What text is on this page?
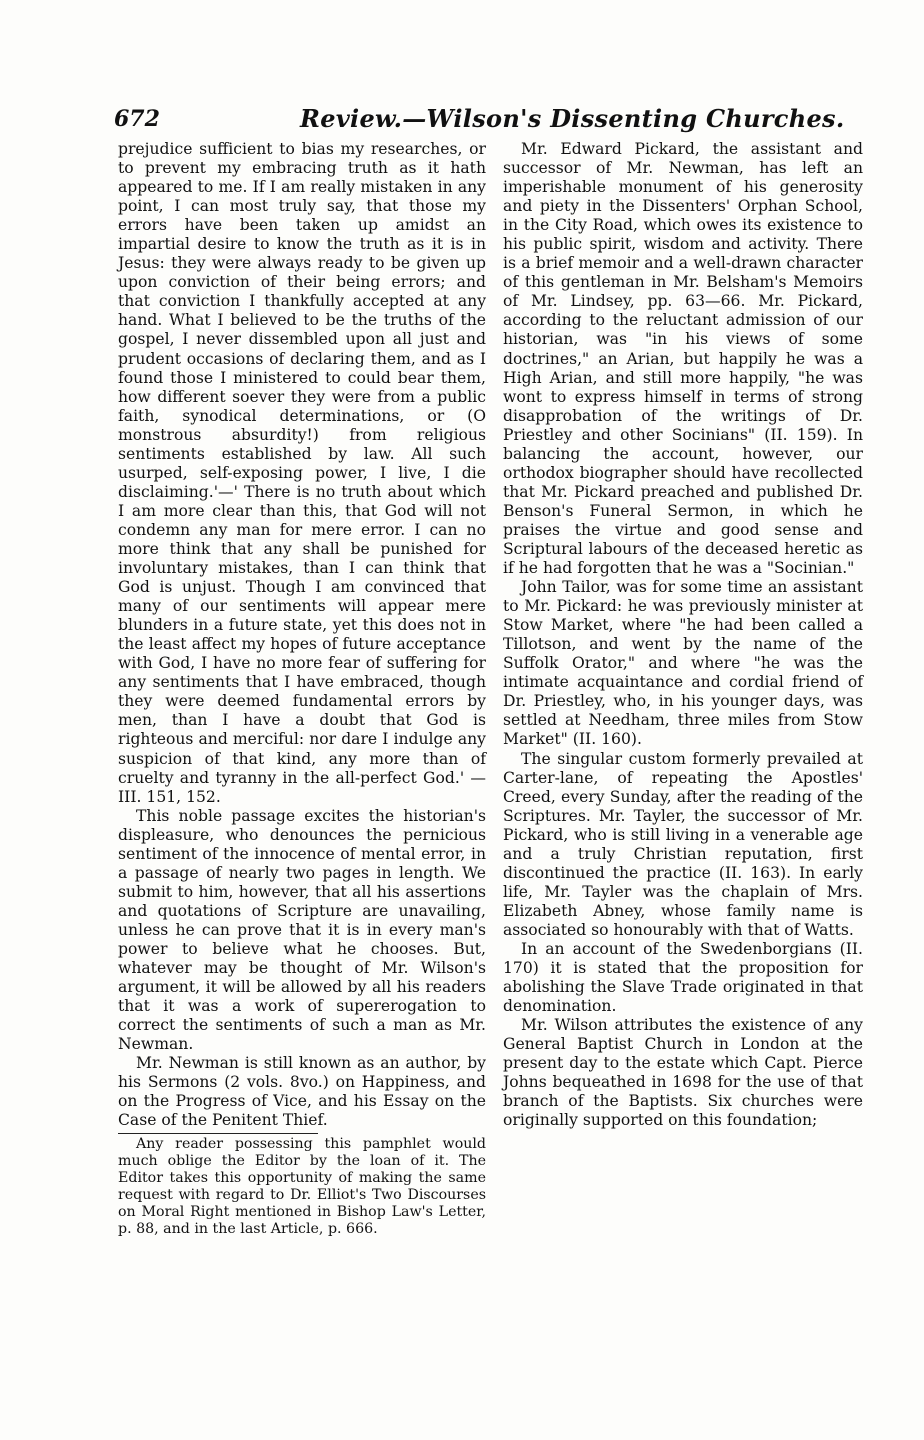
672	Review.—Wilson's Dissenting Churches.

prejudice sufficient to bias my researches, or to prevent my embracing truth as it hath appeared to me. If I am really mistaken in any point, I can most truly say, that those my errors have been taken up amidst an impartial desire to know the truth as it is in Jesus: they were always ready to be given up upon conviction of their being errors; and that conviction I thankfully accepted at any hand. What I believed to be the truths of the gospel, I never dissembled upon all just and prudent occasions of declaring them, and as I found those I ministered to could bear them, how different soever they were from a public faith, synodical determinations, or (O monstrous absurdity!) from religious sentiments established by law. All such usurped, self-exposing power, I live, I die disclaiming.'—' There is no truth about which I am more clear than this, that God will not condemn any man for mere error. I can no more think that any shall be punished for involuntary mistakes, than I can think that God is unjust. Though I am convinced that many of our sentiments will appear mere blunders in a future state, yet this does not in the least affect my hopes of future acceptance with God, I have no more fear of suffering for any sentiments that I have embraced, though they were deemed fundamental errors by men, than I have a doubt that God is righteous and merciful: nor dare I indulge any suspicion of that kind, any more than of cruelty and tyranny in the all-perfect God.' —III. 151, 152.

This noble passage excites the historian's displeasure, who denounces the pernicious sentiment of the innocence of mental error, in a passage of nearly two pages in length. We submit to him, however, that all his assertions and quotations of Scripture are unavailing, unless he can prove that it is in every man's power to believe what he chooses. But, whatever may be thought of Mr. Wilson's argument, it will be allowed by all his readers that it was a work of supererogation to correct the sentiments of such a man as Mr. Newman.

Mr. Newman is still known as an author, by his Sermons (2 vols. 8vo.) on Happiness, and on the Progress of Vice, and his Essay on the Case of the Penitent Thief.

Any reader possessing this pamphlet would much oblige the Editor by the loan of it. The Editor takes this opportunity of making the same request with regard to Dr. Elliot's Two Discourses on Moral Right mentioned in Bishop Law's Letter, p. 88, and in the last Article, p. 666.

Mr. Edward Pickard, the assistant and successor of Mr. Newman, has left an imperishable monument of his generosity and piety in the Dissenters' Orphan School, in the City Road, which owes its existence to his public spirit, wisdom and activity. There is a brief memoir and a well-drawn character of this gentleman in Mr. Belsham's Memoirs of Mr. Lindsey, pp. 63—66. Mr. Pickard, according to the reluctant admission of our historian, was "in his views of some doctrines," an Arian, but happily he was a High Arian, and still more happily, "he was wont to express himself in terms of strong disapprobation of the writings of Dr. Priestley and other Socinians" (II. 159). In balancing the account, however, our orthodox biographer should have recollected that Mr. Pickard preached and published Dr. Benson's Funeral Sermon, in which he praises the virtue and good sense and Scriptural labours of the deceased heretic as if he had forgotten that he was a "Socinian."

John Tailor, was for some time an assistant to Mr. Pickard: he was previously minister at Stow Market, where "he had been called a Tillotson, and went by the name of the Suffolk Orator," and where "he was the intimate acquaintance and cordial friend of Dr. Priestley, who, in his younger days, was settled at Needham, three miles from Stow Market" (II. 160).

The singular custom formerly prevailed at Carter-lane, of repeating the Apostles' Creed, every Sunday, after the reading of the Scriptures. Mr. Tayler, the successor of Mr. Pickard, who is still living in a venerable age and a truly Christian reputation, first discontinued the practice (II. 163). In early life, Mr. Tayler was the chaplain of Mrs. Elizabeth Abney, whose family name is associated so honourably with that of Watts.

In an account of the Swedenborgians (II. 170) it is stated that the proposition for abolishing the Slave Trade originated in that denomination.

Mr. Wilson attributes the existence of any General Baptist Church in London at the present day to the estate which Capt. Pierce Johns bequeathed in 1698 for the use of that branch of the Baptists. Six churches were originally supported on this foundation;
